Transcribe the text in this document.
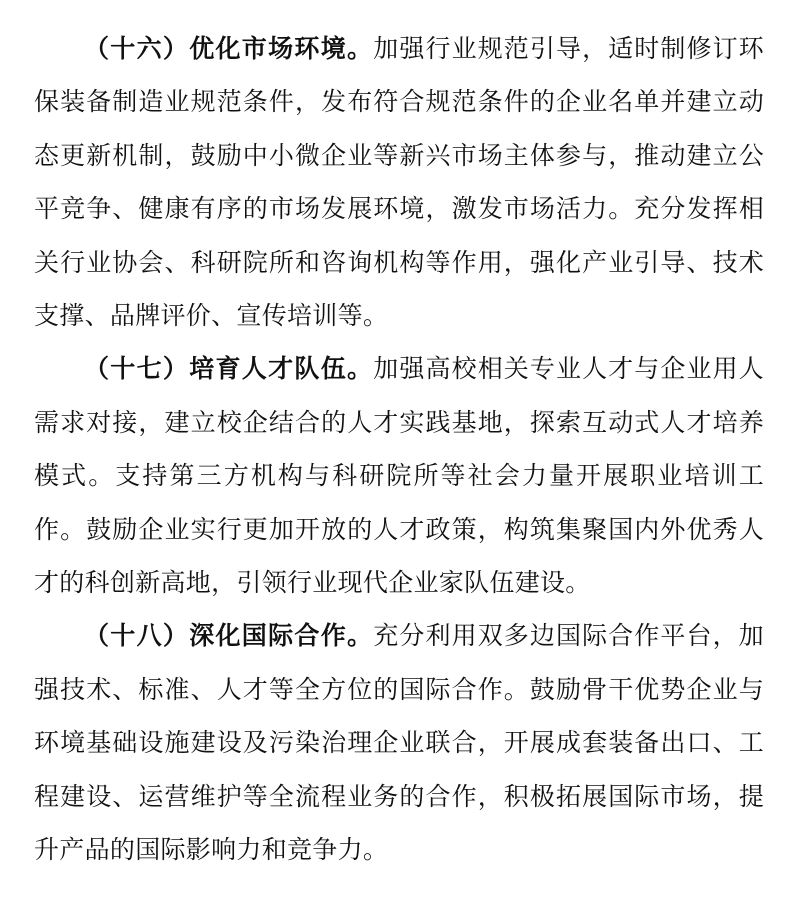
（十六）优化市场环境。加强行业规范引导，适时制修订环保装备制造业规范条件，发布符合规范条件的企业名单并建立动态更新机制，鼓励中小微企业等新兴市场主体参与，推动建立公平竞争、健康有序的市场发展环境，激发市场活力。充分发挥相关行业协会、科研院所和咨询机构等作用，强化产业引导、技术支撑、品牌评价、宣传培训等。

（十七）培育人才队伍。加强高校相关专业人才与企业用人需求对接，建立校企结合的人才实践基地，探索互动式人才培养模式。支持第三方机构与科研院所等社会力量开展职业培训工作。鼓励企业实行更加开放的人才政策，构筑集聚国内外优秀人才的科创新高地，引领行业现代企业家队伍建设。

（十八）深化国际合作。充分利用双多边国际合作平台，加强技术、标准、人才等全方位的国际合作。鼓励骨干优势企业与环境基础设施建设及污染治理企业联合，开展成套装备出口、工程建设、运营维护等全流程业务的合作，积极拓展国际市场，提升产品的国际影响力和竞争力。
